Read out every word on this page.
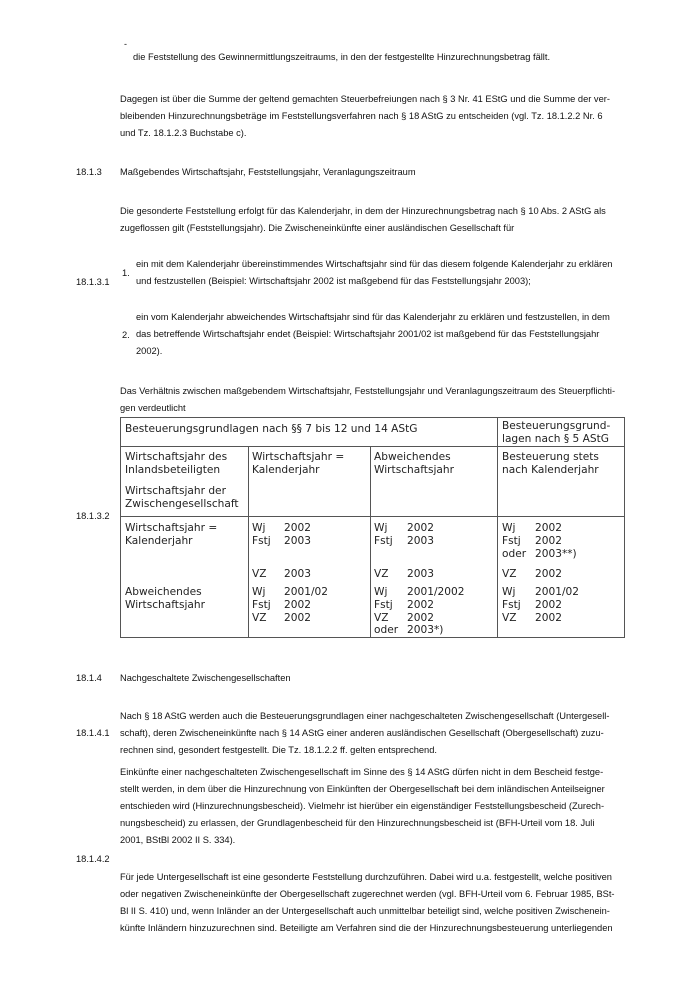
-
die Feststellung des Gewinnermittlungszeitraums, in den der festgestellte Hinzurechnungsbetrag fällt.
Dagegen ist über die Summe der geltend gemachten Steuerbefreiungen nach § 3 Nr. 41 EStG und die Summe der ver-
bleibenden Hinzurechnungsbeträge im Feststellungsverfahren nach § 18 AStG zu entscheiden (vgl. Tz. 18.1.2.2 Nr. 6
und Tz. 18.1.2.3 Buchstabe c).
18.1.3 Maßgebendes Wirtschaftsjahr, Feststellungsjahr, Veranlagungszeitraum
Die gesonderte Feststellung erfolgt für das Kalenderjahr, in dem der Hinzurechnungsbetrag nach § 10 Abs. 2 AStG als
zugeflossen gilt (Feststellungsjahr). Die Zwischeneinkünfte einer ausländischen Gesellschaft für
18.1.3.1
1.
ein mit dem Kalenderjahr übereinstimmendes Wirtschaftsjahr sind für das diesem folgende Kalenderjahr zu erklären
und festzustellen (Beispiel: Wirtschaftsjahr 2002 ist maßgebend für das Feststellungsjahr 2003);
2.
ein vom Kalenderjahr abweichendes Wirtschaftsjahr sind für das Kalenderjahr zu erklären und festzustellen, in dem
das betreffende Wirtschaftsjahr endet (Beispiel: Wirtschaftsjahr 2001/02 ist maßgebend für das Feststellungsjahr
2002).
Das Verhältnis zwischen maßgebendem Wirtschaftsjahr, Feststellungsjahr und Veranlagungszeitraum des Steuerpflichti-
gen verdeutlicht
18.1.3.2
Besteuerungsgrundlagen nach §§ 7 bis 12 und 14 AStG	Besteuerungsgrund-
lagen nach § 5 AStG
Wirtschaftsjahr des
Inlandsbeteiligten
Wirtschaftsjahr der
Zwischengesellschaft
Wirtschaftsjahr =
Kalenderjahr
Abweichendes
Wirtschaftsjahr
Besteuerung stets
nach Kalenderjahr
Wirtschaftsjahr =
Kalenderjahr
Wj 2002
Fstj 2003
VZ 2003
Wj 2002
Fstj 2003
VZ 2003
Wj 2002
Fstj 2002
oder 2003**)
VZ 2002
Abweichendes
Wirtschaftsjahr
Wj 2001/02
Fstj 2002
VZ 2002
Wj 2001/2002
Fstj 2002
VZ 2002
oder 2003*)
Wj 2001/02
Fstj 2002
VZ 2002
18.1.4 Nachgeschaltete Zwischengesellschaften
18.1.4.1
Nach § 18 AStG werden auch die Besteuerungsgrundlagen einer nachgeschalteten Zwischengesellschaft (Untergesell-
schaft), deren Zwischeneinkünfte nach § 14 AStG einer anderen ausländischen Gesellschaft (Obergesellschaft) zuzu-
rechnen sind, gesondert festgestellt. Die Tz. 18.1.2.2 ff. gelten entsprechend.
18.1.4.2
Einkünfte einer nachgeschalteten Zwischengesellschaft im Sinne des § 14 AStG dürfen nicht in dem Bescheid festge-
stellt werden, in dem über die Hinzurechnung von Einkünften der Obergesellschaft bei dem inländischen Anteilseigner
entschieden wird (Hinzurechnungsbescheid). Vielmehr ist hierüber ein eigenständiger Feststellungsbescheid (Zurech-
nungsbescheid) zu erlassen, der Grundlagenbescheid für den Hinzurechnungsbescheid ist (BFH-Urteil vom 18. Juli
2001, BStBl 2002 II S. 334).
Für jede Untergesellschaft ist eine gesonderte Feststellung durchzuführen. Dabei wird u.a. festgestellt, welche positiven
oder negativen Zwischeneinkünfte der Obergesellschaft zugerechnet werden (vgl. BFH-Urteil vom 6. Februar 1985, BSt-
Bl II S. 410) und, wenn Inländer an der Untergesellschaft auch unmittelbar beteiligt sind, welche positiven Zwischenein-
künfte Inländern hinzuzurechnen sind. Beteiligte am Verfahren sind die der Hinzurechnungsbesteuerung unterliegenden
